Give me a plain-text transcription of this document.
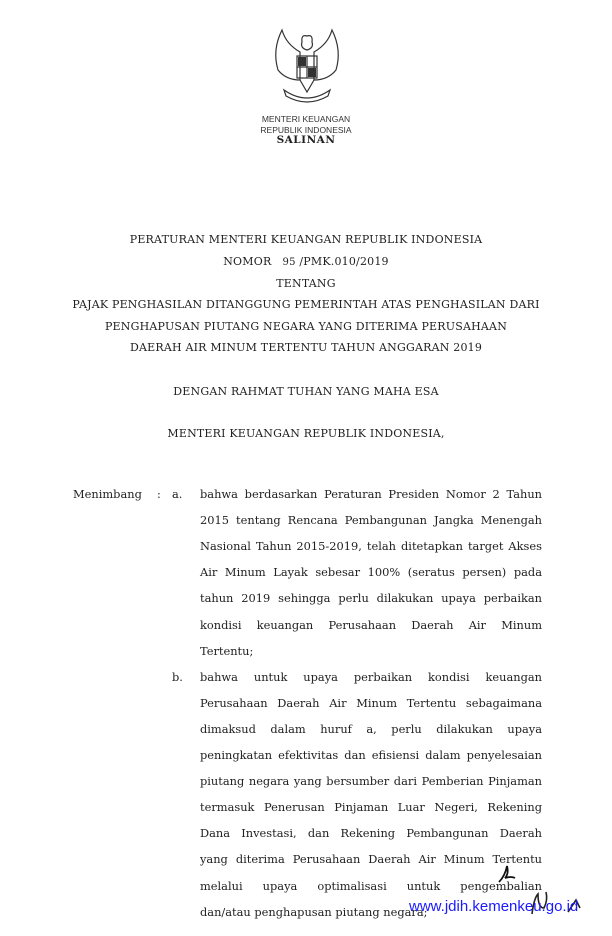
MENTERI KEUANGAN
REPUBLIK INDONESIA
SALINAN
PERATURAN MENTERI KEUANGAN REPUBLIK INDONESIA
NOMOR 95 /PMK.010/2019
TENTANG
PAJAK PENGHASILAN DITANGGUNG PEMERINTAH ATAS PENGHASILAN DARI
PENGHAPUSAN PIUTANG NEGARA YANG DITERIMA PERUSAHAAN
DAERAH AIR MINUM TERTENTU TAHUN ANGGARAN 2019
DENGAN RAHMAT TUHAN YANG MAHA ESA
MENTERI KEUANGAN REPUBLIK INDONESIA,
Menimbang : a. bahwa berdasarkan Peraturan Presiden Nomor 2 Tahun
2015 tentang Rencana Pembangunan Jangka Menengah
Nasional Tahun 2015-2019, telah ditetapkan target Akses
Air Minum Layak sebesar 100% (seratus persen) pada
tahun 2019 sehingga perlu dilakukan upaya perbaikan
kondisi keuangan Perusahaan Daerah Air Minum
Tertentu;
b. bahwa untuk upaya perbaikan kondisi keuangan
Perusahaan Daerah Air Minum Tertentu sebagaimana
dimaksud dalam huruf a, perlu dilakukan upaya
peningkatan efektivitas dan efisiensi dalam penyelesaian
piutang negara yang bersumber dari Pemberian Pinjaman
termasuk Penerusan Pinjaman Luar Negeri, Rekening
Dana Investasi, dan Rekening Pembangunan Daerah
yang diterima Perusahaan Daerah Air Minum Tertentu
melalui upaya optimalisasi untuk pengembalian
dan/atau penghapusan piutang negara;
www.jdih.kemenkeu.go.id
